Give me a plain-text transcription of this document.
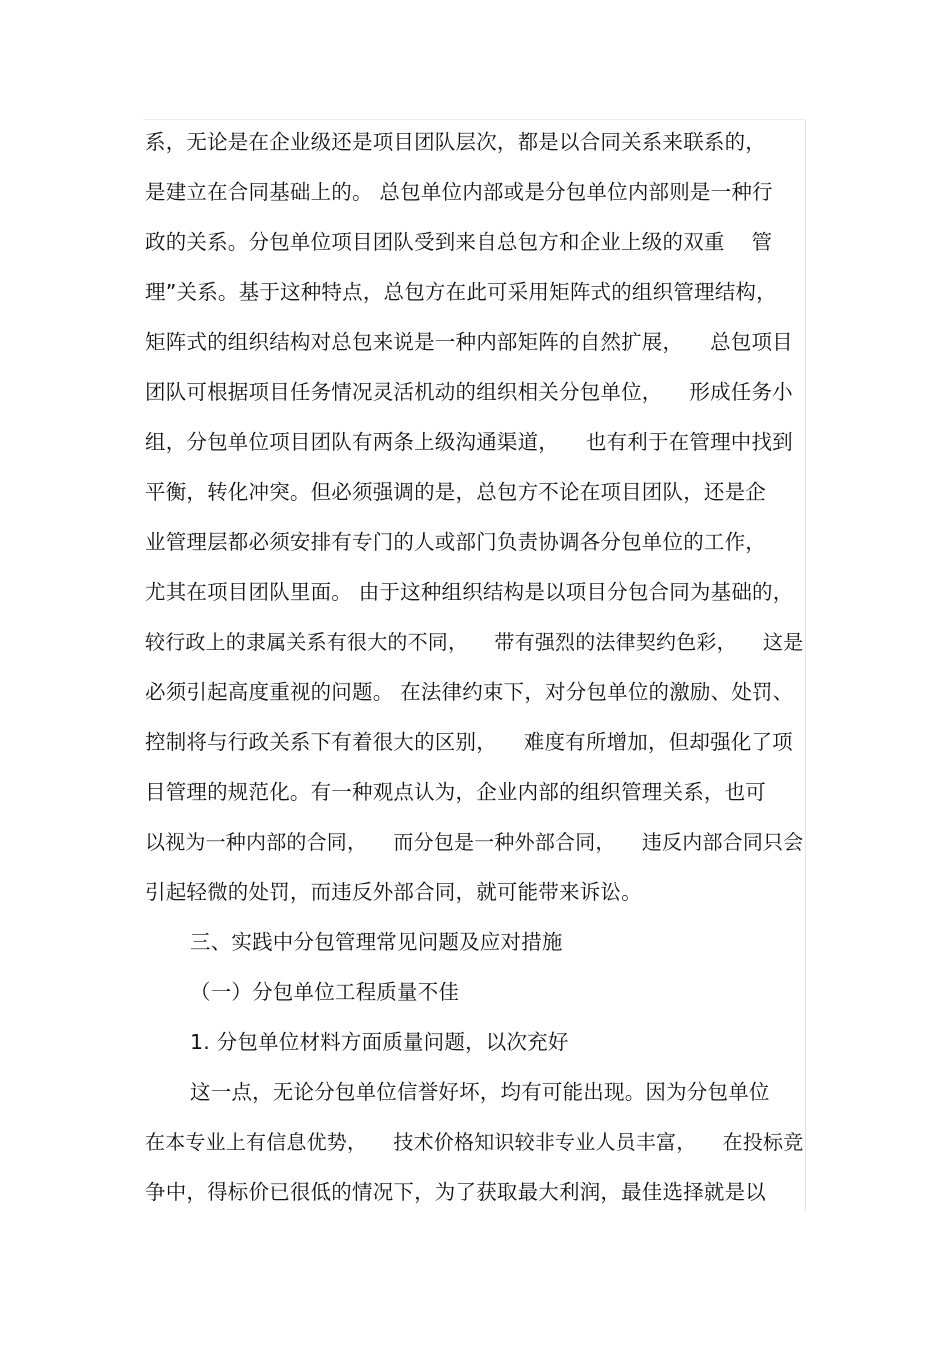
系，无论是在企业级还是项目团队层次，都是以合同关系来联系的，
是建立在合同基础上的。 总包单位内部或是分包单位内部则是一种行
政的关系。分包单位项目团队受到来自总包方和企业上级的双重    管
理”关系。基于这种特点，总包方在此可采用矩阵式的组织管理结构，
矩阵式的组织结构对总包来说是一种内部矩阵的自然扩展，    总包项目
团队可根据项目任务情况灵活机动的组织相关分包单位，    形成任务小
组，分包单位项目团队有两条上级沟通渠道，    也有利于在管理中找到
平衡，转化冲突。但必须强调的是，总包方不论在项目团队，还是企
业管理层都必须安排有专门的人或部门负责协调各分包单位的工作，
尤其在项目团队里面。 由于这种组织结构是以项目分包合同为基础的，
较行政上的隶属关系有很大的不同，    带有强烈的法律契约色彩，    这是
必须引起高度重视的问题。 在法律约束下，对分包单位的激励、处罚、
控制将与行政关系下有着很大的区别，    难度有所增加，但却强化了项
目管理的规范化。有一种观点认为，企业内部的组织管理关系，也可
以视为一种内部的合同，    而分包是一种外部合同，    违反内部合同只会
引起轻微的处罚，而违反外部合同，就可能带来诉讼。
三、实践中分包管理常见问题及应对措施
（一）分包单位工程质量不佳
1. 分包单位材料方面质量问题，以次充好
这一点，无论分包单位信誉好坏，均有可能出现。因为分包单位
在本专业上有信息优势，    技术价格知识较非专业人员丰富，    在投标竞
争中，得标价已很低的情况下，为了获取最大利润，最佳选择就是以
